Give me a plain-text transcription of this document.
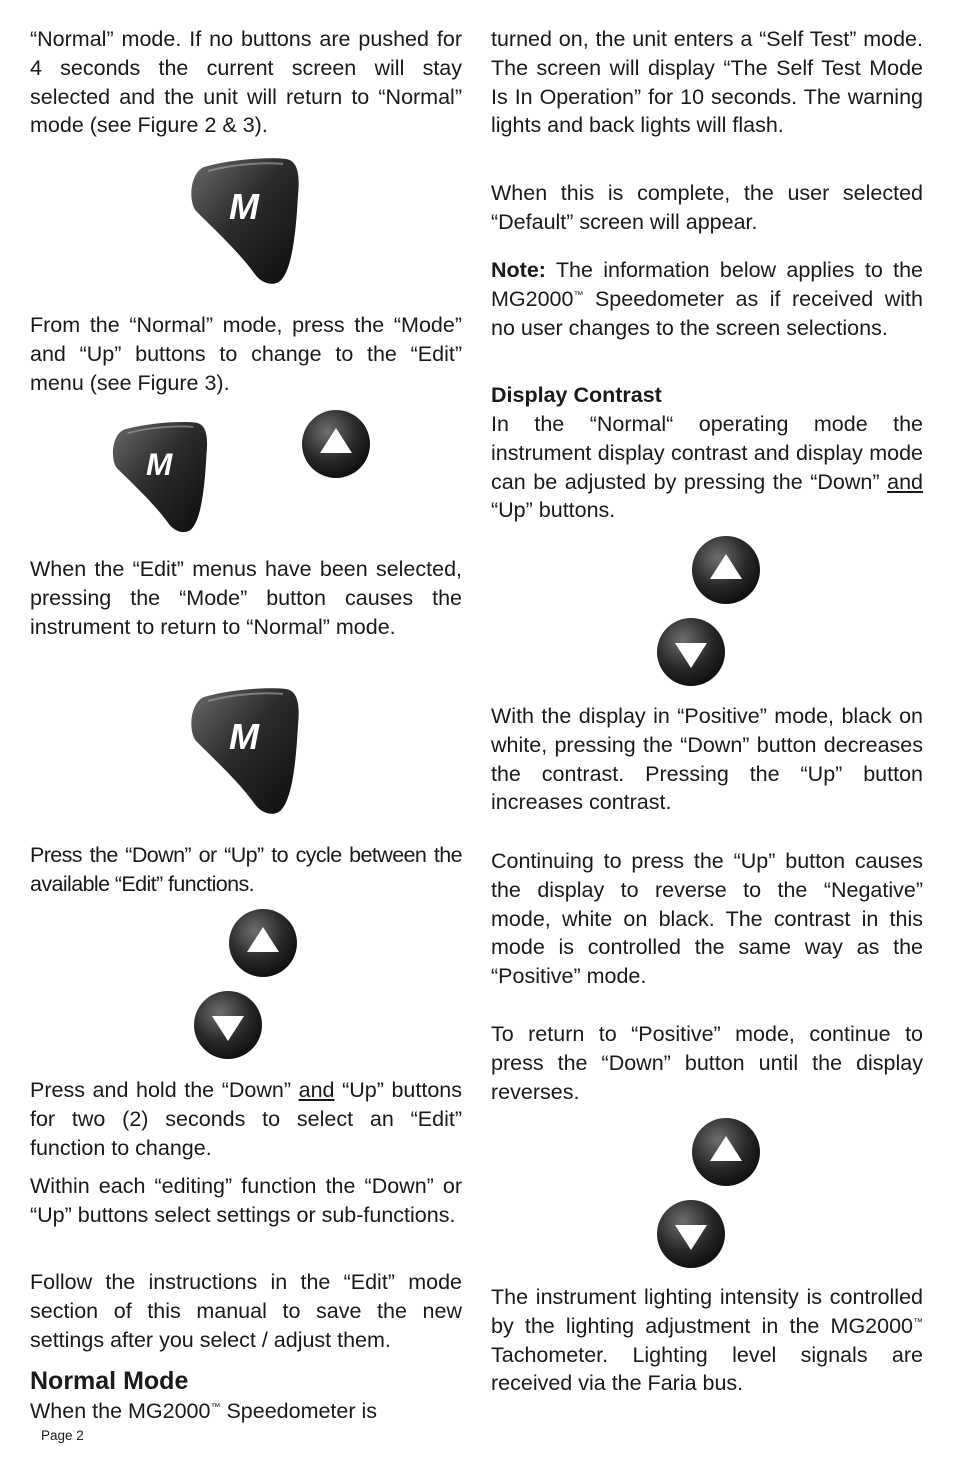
“Normal” mode. If no buttons are pushed for 4 seconds the current screen will stay selected and the unit will return to “Normal” mode (see Figure 2 & 3).

M

From the “Normal” mode, press the “Mode” and “Up” buttons to change to the “Edit” menu (see Figure 3).

M

When the “Edit” menus have been selected, pressing the “Mode” button causes the instrument to return to “Normal” mode.

M

Press the “Down” or “Up” to cycle between the available “Edit” functions.

Press and hold the “Down” and “Up” buttons for two (2) seconds to select an “Edit” function to change.

Within each “editing” function the “Down” or “Up” buttons select settings or sub-functions.

Follow the instructions in the “Edit” mode section of this manual to save the new settings after you select / adjust them.

Normal Mode

When the MG2000™ Speedometer is

turned on, the unit enters a “Self Test” mode. The screen will display “The Self Test Mode Is In Operation” for 10 seconds. The warning lights and back lights will flash.

When this is complete, the user selected “Default” screen will appear.

Note: The information below applies to the MG2000™ Speedometer as if received with no user changes to the screen selections.

Display Contrast

In the “Normal“ operating mode the instrument display contrast and display mode can be adjusted by pressing the “Down” and “Up” buttons.

With the display in “Positive” mode, black on white, pressing the “Down” button decreases the contrast. Pressing the “Up” button increases contrast.

Continuing to press the “Up” button causes the display to reverse to the “Negative” mode, white on black. The contrast in this mode is controlled the same way as the “Positive” mode.

To return to “Positive” mode, continue to press the “Down” button until the display reverses.

The instrument lighting intensity is controlled by the lighting adjustment in the MG2000™ Tachometer. Lighting level signals are received via the Faria bus.

Page 2
